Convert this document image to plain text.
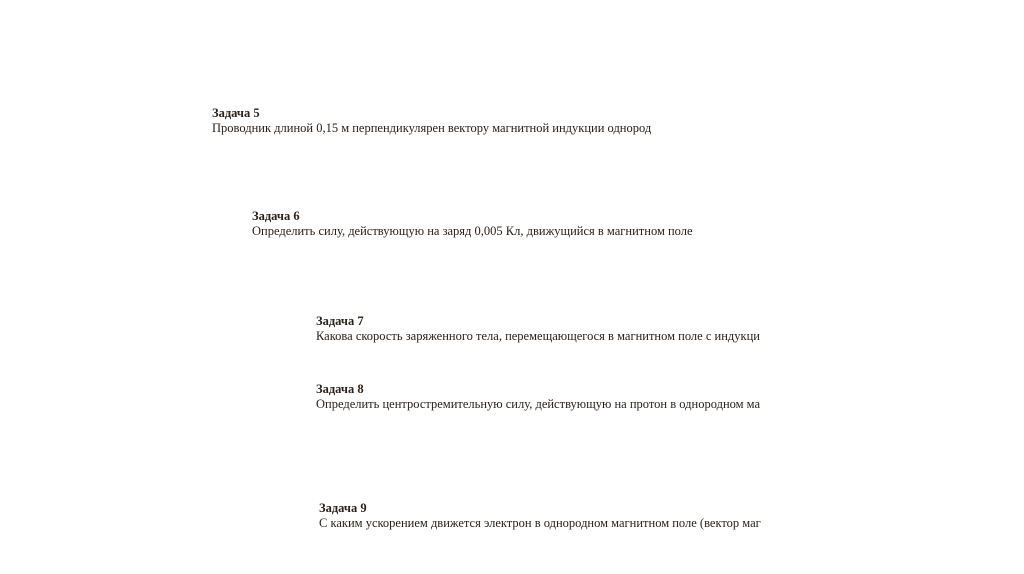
Задача 5
Проводник длиной 0,15 м перпендикулярен вектору магнитной индукции однород
Задача 6
Определить силу, действующую на заряд 0,005 Кл, движущийся в магнитном поле
Задача 7
Какова скорость заряженного тела, перемещающегося в магнитном поле с индукци
Задача 8
Определить центростремительную силу, действующую на протон в однородном ма
Задача 9
С каким ускорением движется электрон в однородном магнитном поле (вектор маг
